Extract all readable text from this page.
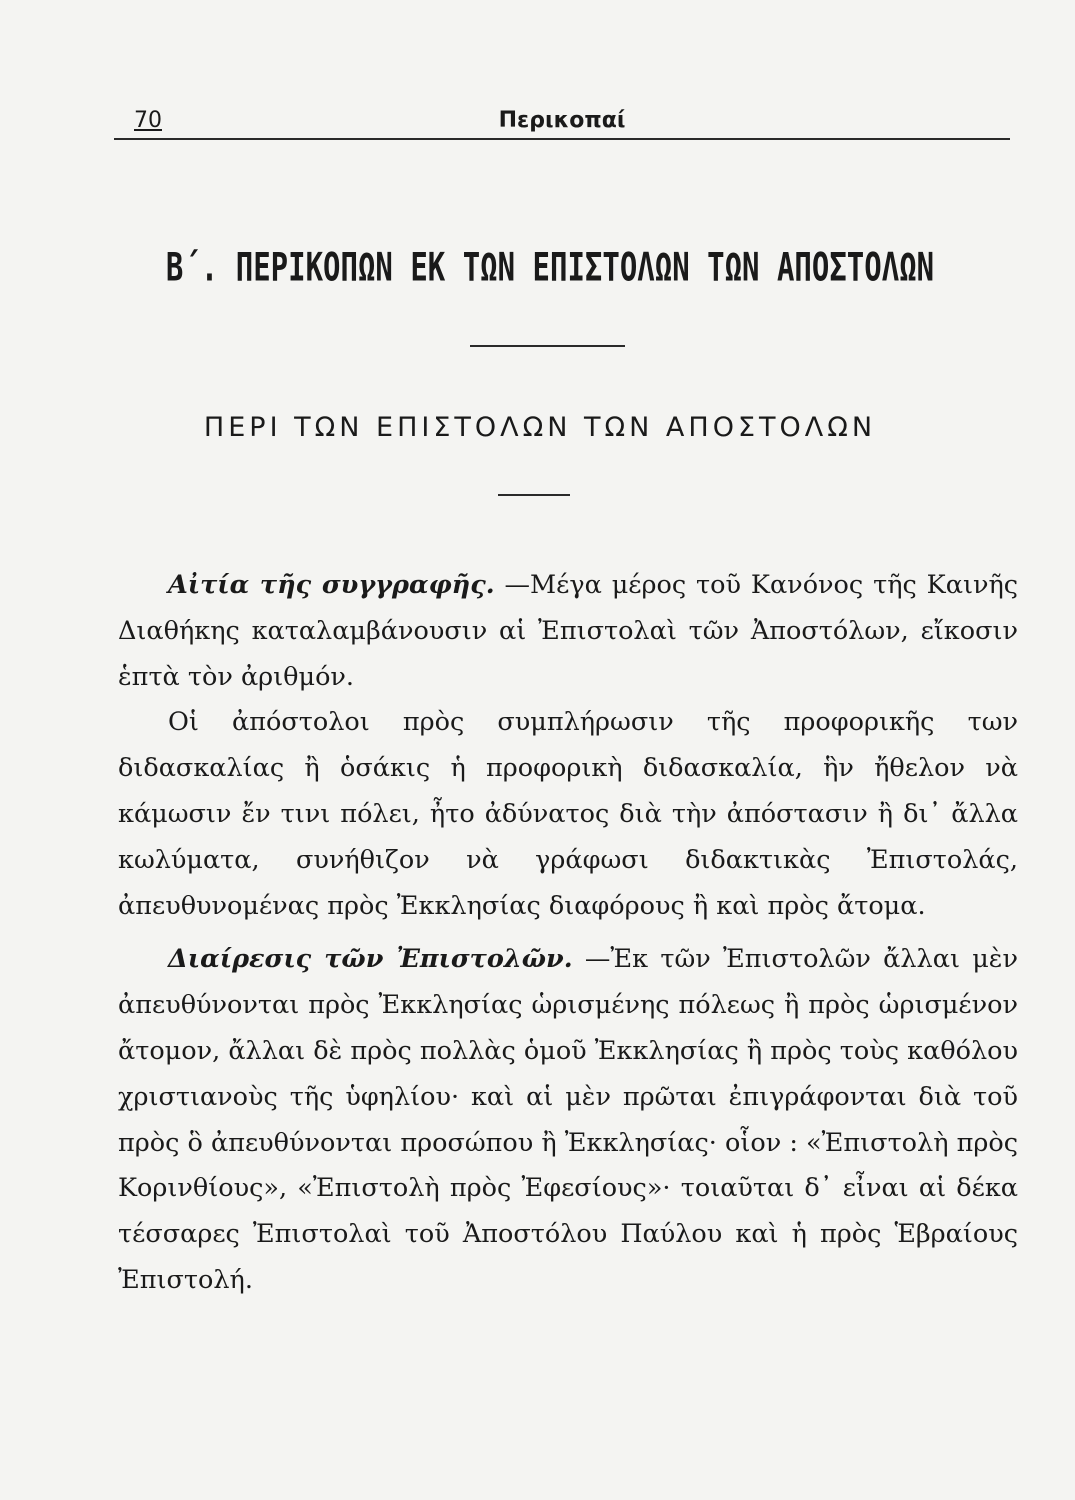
70	Περικοπαί
Β΄. ΠΕΡΙΚΟΠΩΝ ΕΚ ΤΩΝ ΕΠΙΣΤΟΛΩΝ ΤΩΝ ΑΠΟΣΤΟΛΩΝ
ΠΕΡΙ ΤΩΝ ΕΠΙΣΤΟΛΩΝ ΤΩΝ ΑΠΟΣΤΟΛΩΝ

Αἰτία τῆς συγγραφῆς. —Μέγα μέρος τοῦ Κανόνος τῆς Καινῆς Διαθήκης καταλαμβάνουσιν αἱ Ἐπιστολαὶ τῶν Ἀποστόλων, εἴκοσιν ἑπτὰ τὸν ἀριθμόν.

Οἱ ἀπόστολοι πρὸς συμπλήρωσιν τῆς προφορικῆς των διδασκαλίας ἢ ὁσάκις ἡ προφορικὴ διδασκαλία, ἣν ἤθελον νὰ κάμωσιν ἔν τινι πόλει, ἦτο ἀδύνατος διὰ τὴν ἀπόστασιν ἢ δι᾽ ἄλλα κωλύματα, συνήθιζον νὰ γράφωσι διδακτικὰς Ἐπιστολάς, ἀπευθυνομένας πρὸς Ἐκκλησίας διαφόρους ἢ καὶ πρὸς ἄτομα.

Διαίρεσις τῶν Ἐπιστολῶν. —Ἐκ τῶν Ἐπιστολῶν ἄλλαι μὲν ἀπευθύνονται πρὸς Ἐκκλησίας ὡρισμένης πόλεως ἢ πρὸς ὡρισμένον ἄτομον, ἄλλαι δὲ πρὸς πολλὰς ὁμοῦ Ἐκκλησίας ἢ πρὸς τοὺς καθόλου χριστιανοὺς τῆς ὑφηλίου· καὶ αἱ μὲν πρῶται ἐπιγράφονται διὰ τοῦ πρὸς ὃ ἀπευθύνονται προσώπου ἢ Ἐκκλησίας· οἷον : «Ἐπιστολὴ πρὸς Κορινθίους», «Ἐπιστολὴ πρὸς Ἐφεσίους»· τοιαῦται δ᾽ εἶναι αἱ δέκα τέσσαρες Ἐπιστολαὶ τοῦ Ἀποστόλου Παύλου καὶ ἡ πρὸς Ἑβραίους Ἐπιστολή.
